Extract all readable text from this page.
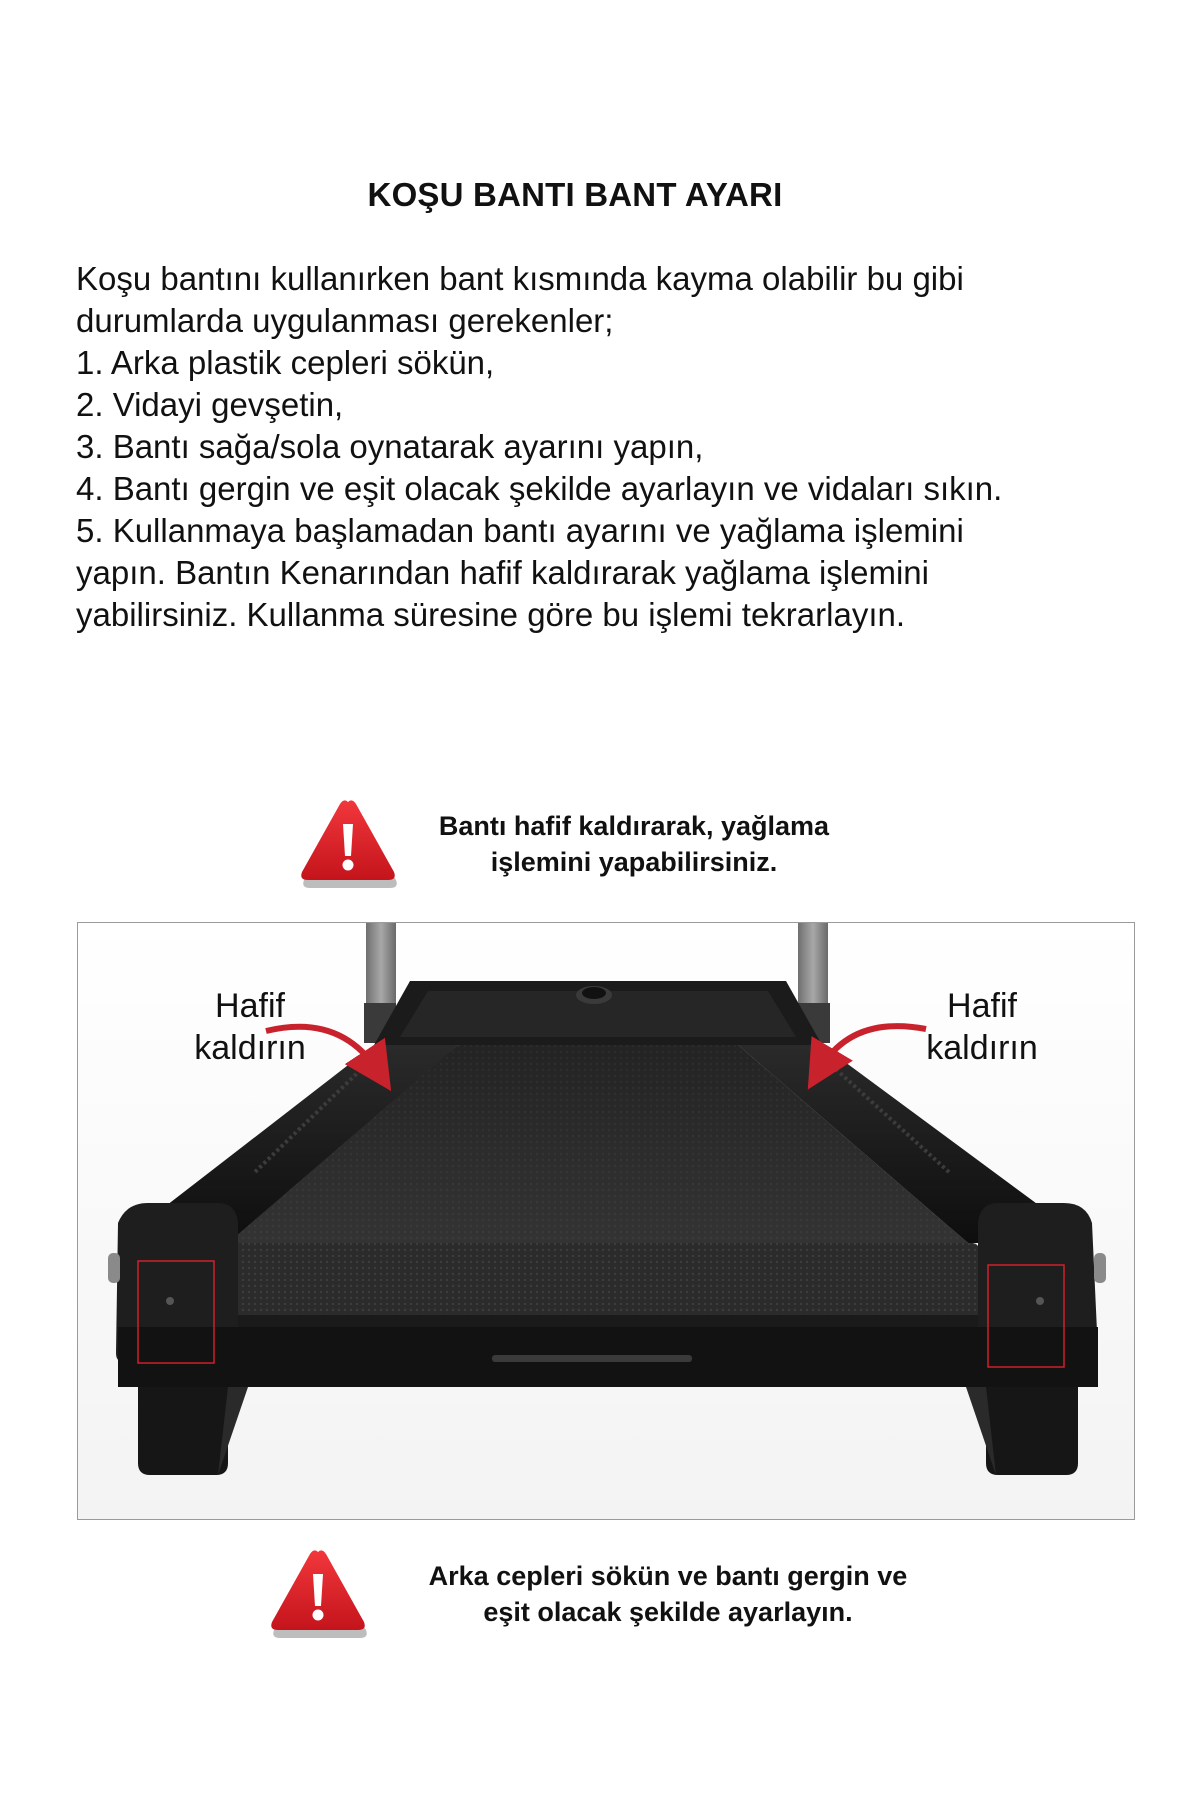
KOŞU BANTI BANT AYARI
Koşu bantını kullanırken bant kısmında kayma olabilir bu gibi
durumlarda uygulanması gerekenler;
1. Arka plastik cepleri sökün,
2. Vidayi gevşetin,
3. Bantı sağa/sola oynatarak ayarını yapın,
4. Bantı gergin ve eşit olacak şekilde ayarlayın ve vidaları sıkın.
5. Kullanmaya başlamadan bantı ayarını ve yağlama işlemini
yapın. Bantın Kenarından hafif kaldırarak yağlama işlemini
yabilirsiniz. Kullanma süresine göre bu işlemi tekrarlayın.
Bantı hafif kaldırarak, yağlama
işlemini yapabilirsiniz.
Hafif
kaldırın
Hafif
kaldırın
Arka cepleri sökün ve bantı gergin ve
eşit olacak şekilde ayarlayın.
